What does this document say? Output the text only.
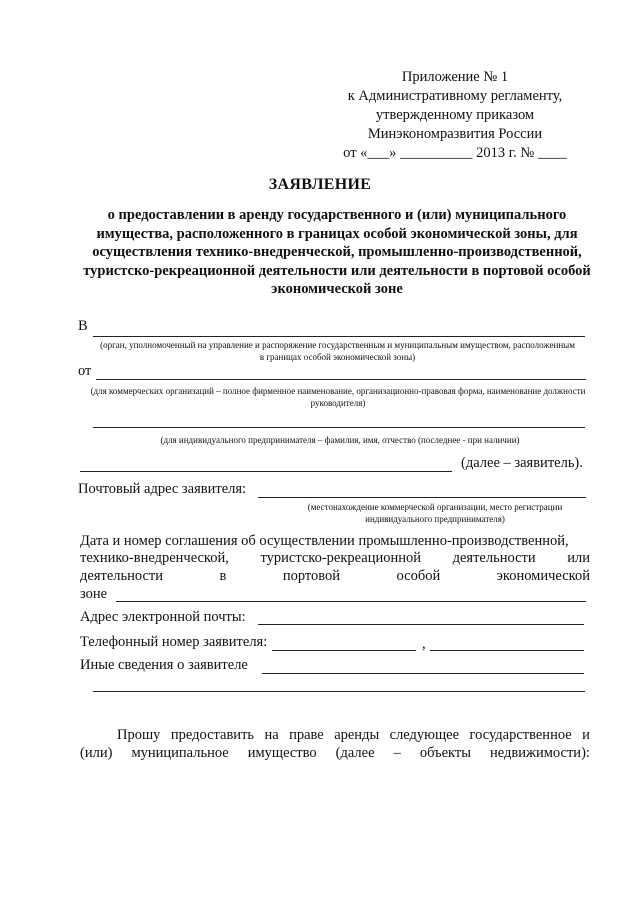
Приложение № 1
к Административному регламенту,
утвержденному приказом
Минэкономразвития России
от «___» __________ 2013 г. № ____
ЗАЯВЛЕНИЕ
о предоставлении в аренду государственного и (или) муниципального имущества, расположенного в границах особой экономической зоны, для осуществления технико-внедренческой, промышленно-производственной, туристско-рекреационной деятельности или деятельности в портовой особой экономической зоне
В
(орган, уполномоченный на управление и распоряжение государственным и муниципальным имуществом, расположенным в границах особой экономической зоны)
от
(для коммерческих организаций – полное фирменное наименование, организационно-правовая форма, наименование должности руководителя)
(для индивидуального предпринимателя – фамилия, имя, отчество (последнее - при наличии)
(далее – заявитель).
Почтовый адрес заявителя:
(местонахождение коммерческой организации, место регистрации индивидуального предпринимателя)
Дата и номер соглашения об осуществлении промышленно-производственной,
технико-внедренческой, туристско-рекреационной деятельности или
деятельности	в	портовой	особой	экономической
зоне
Адрес электронной почты:
Телефонный номер заявителя:	,
Иные сведения о заявителе
Прошу предоставить на праве аренды следующее государственное и
(или) муниципальное имущество (далее – объекты недвижимости):
